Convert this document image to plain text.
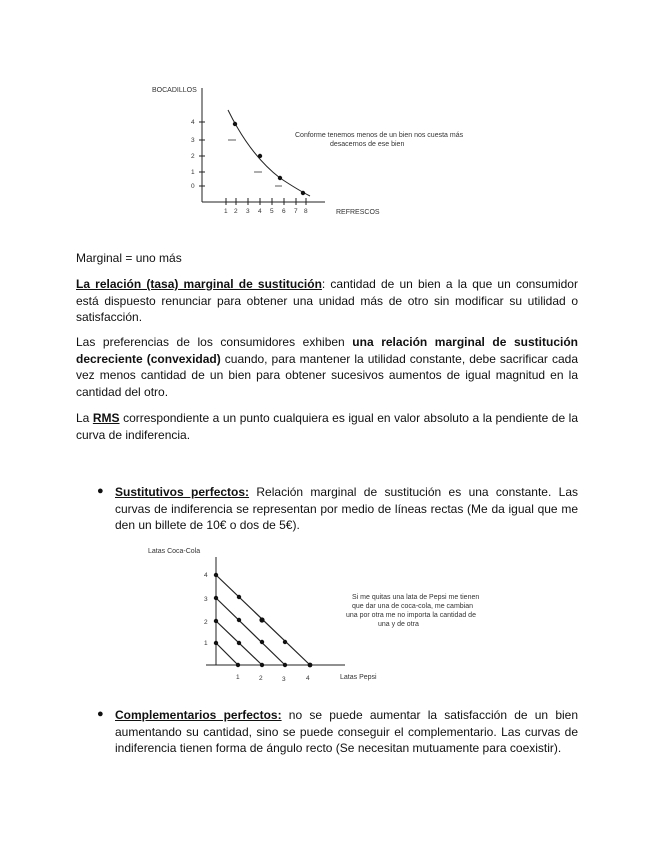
BOCADILLOS
4
3
2
1
0
1 2 3 4 5 6 7 8
Conforme tenemos menos de un bien nos cuesta más
desacernos de ese bien
REFRESCOS
Marginal = uno más
La relación (tasa) marginal de sustitución: cantidad de un bien a la que un consumidor está dispuesto renunciar para obtener una unidad más de otro sin modificar su utilidad o satisfacción.
Las preferencias de los consumidores exhiben una relación marginal de sustitución decreciente (convexidad) cuando, para mantener la utilidad constante, debe sacrificar cada vez menos cantidad de un bien para obtener sucesivos aumentos de igual magnitud en la cantidad del otro.
La RMS correspondiente a un punto cualquiera es igual en valor absoluto a la pendiente de la curva de indiferencia.
● Sustitutivos perfectos: Relación marginal de sustitución es una constante. Las curvas de indiferencia se representan por medio de líneas rectas (Me da igual que me den un billete de 10€ o dos de 5€).
Latas Coca-Cola
4
3
2
1
1	2	3	4	Latas Pepsi
Si me quitas una lata de Pepsi me tienen
que dar una de coca-cola, me cambian
una por otra me no importa la cantidad de
una y de otra
● Complementarios perfectos: no se puede aumentar la satisfacción de un bien aumentando su cantidad, sino se puede conseguir el complementario. Las curvas de indiferencia tienen forma de ángulo recto (Se necesitan mutuamente para coexistir).
